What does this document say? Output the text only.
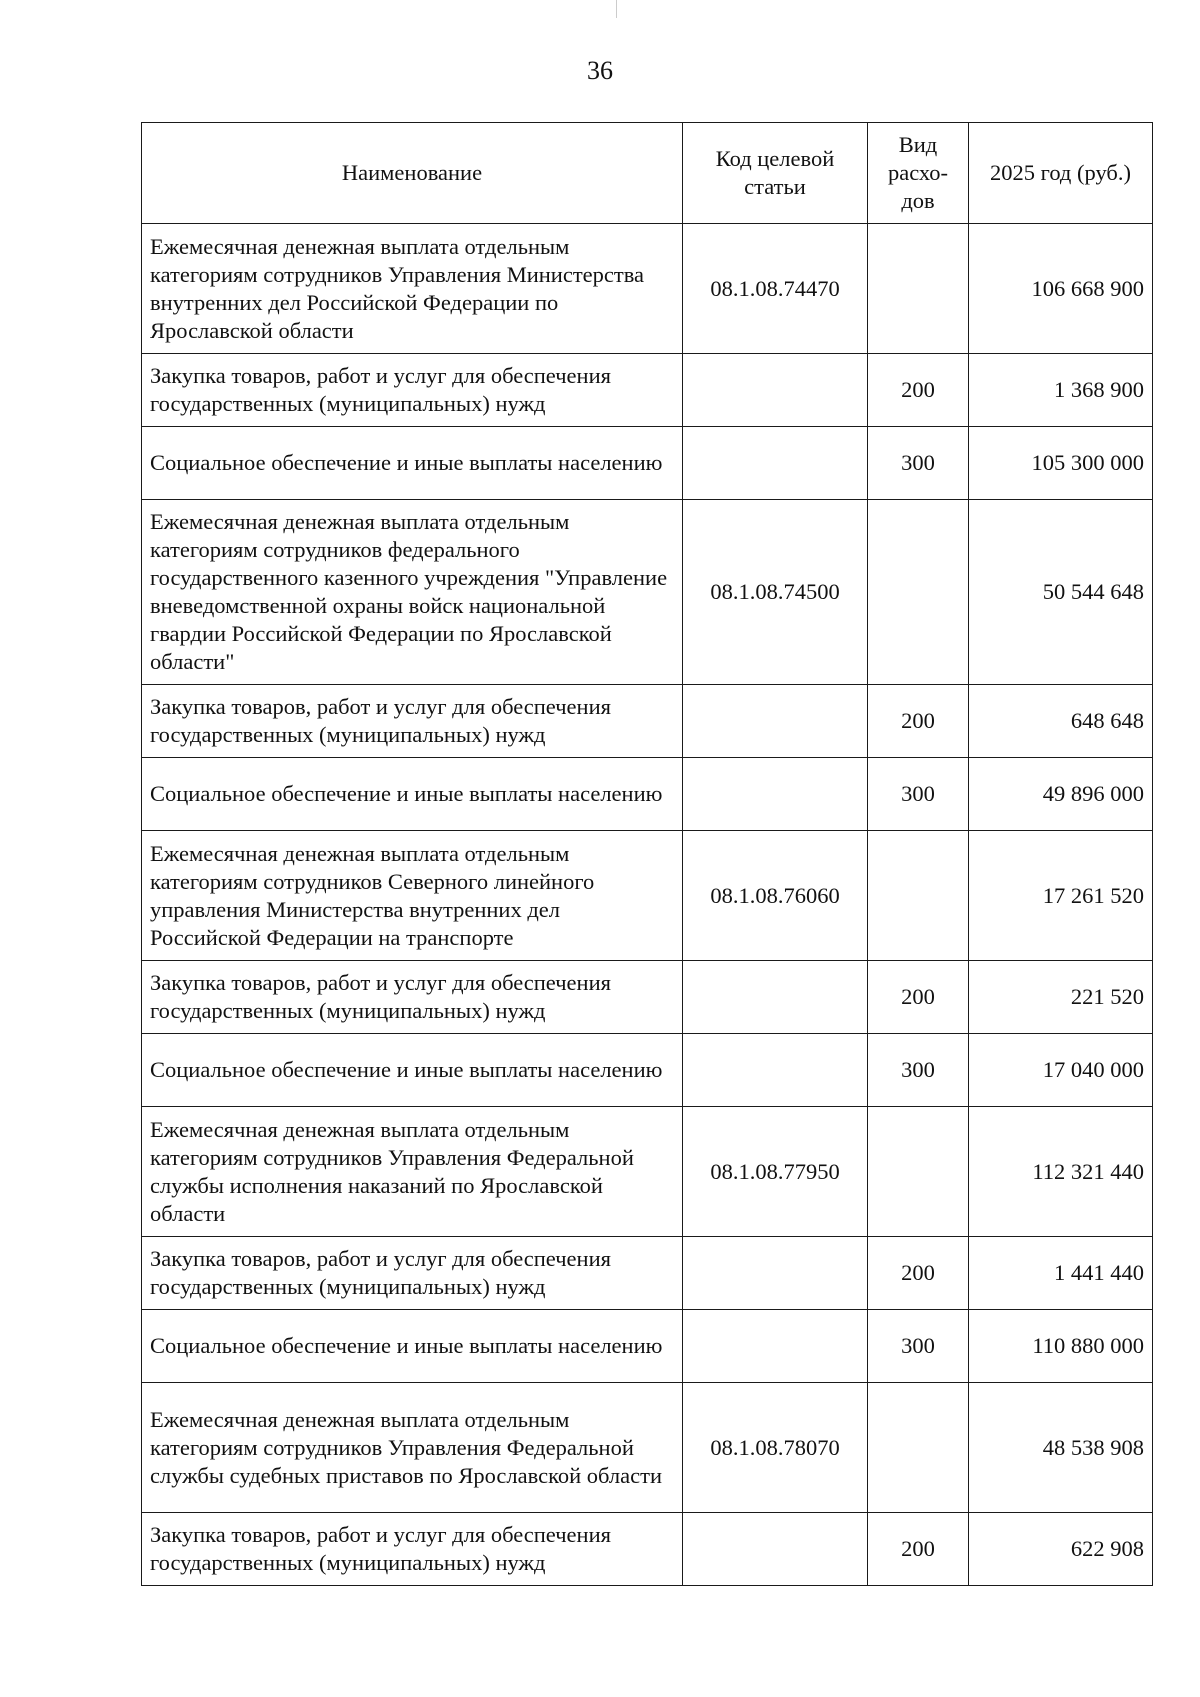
36
Наименование	Код целевой статьи	Вид расхо-дов	2025 год (руб.)
Ежемесячная денежная выплата отдельным категориям сотрудников Управления Министерства внутренних дел Российской Федерации по Ярославской области	08.1.08.74470		106 668 900
Закупка товаров, работ и услуг для обеспечения государственных (муниципальных) нужд		200	1 368 900
Социальное обеспечение и иные выплаты населению		300	105 300 000
Ежемесячная денежная выплата отдельным категориям сотрудников федерального государственного казенного учреждения "Управление вневедомственной охраны войск национальной гвардии Российской Федерации по Ярославской области"	08.1.08.74500		50 544 648
Закупка товаров, работ и услуг для обеспечения государственных (муниципальных) нужд		200	648 648
Социальное обеспечение и иные выплаты населению		300	49 896 000
Ежемесячная денежная выплата отдельным категориям сотрудников Северного линейного управления Министерства внутренних дел Российской Федерации на транспорте	08.1.08.76060		17 261 520
Закупка товаров, работ и услуг для обеспечения государственных (муниципальных) нужд		200	221 520
Социальное обеспечение и иные выплаты населению		300	17 040 000
Ежемесячная денежная выплата отдельным категориям сотрудников Управления Федеральной службы исполнения наказаний по Ярославской области	08.1.08.77950		112 321 440
Закупка товаров, работ и услуг для обеспечения государственных (муниципальных) нужд		200	1 441 440
Социальное обеспечение и иные выплаты населению		300	110 880 000
Ежемесячная денежная выплата отдельным категориям сотрудников Управления Федеральной службы судебных приставов по Ярославской области	08.1.08.78070		48 538 908
Закупка товаров, работ и услуг для обеспечения государственных (муниципальных) нужд		200	622 908
